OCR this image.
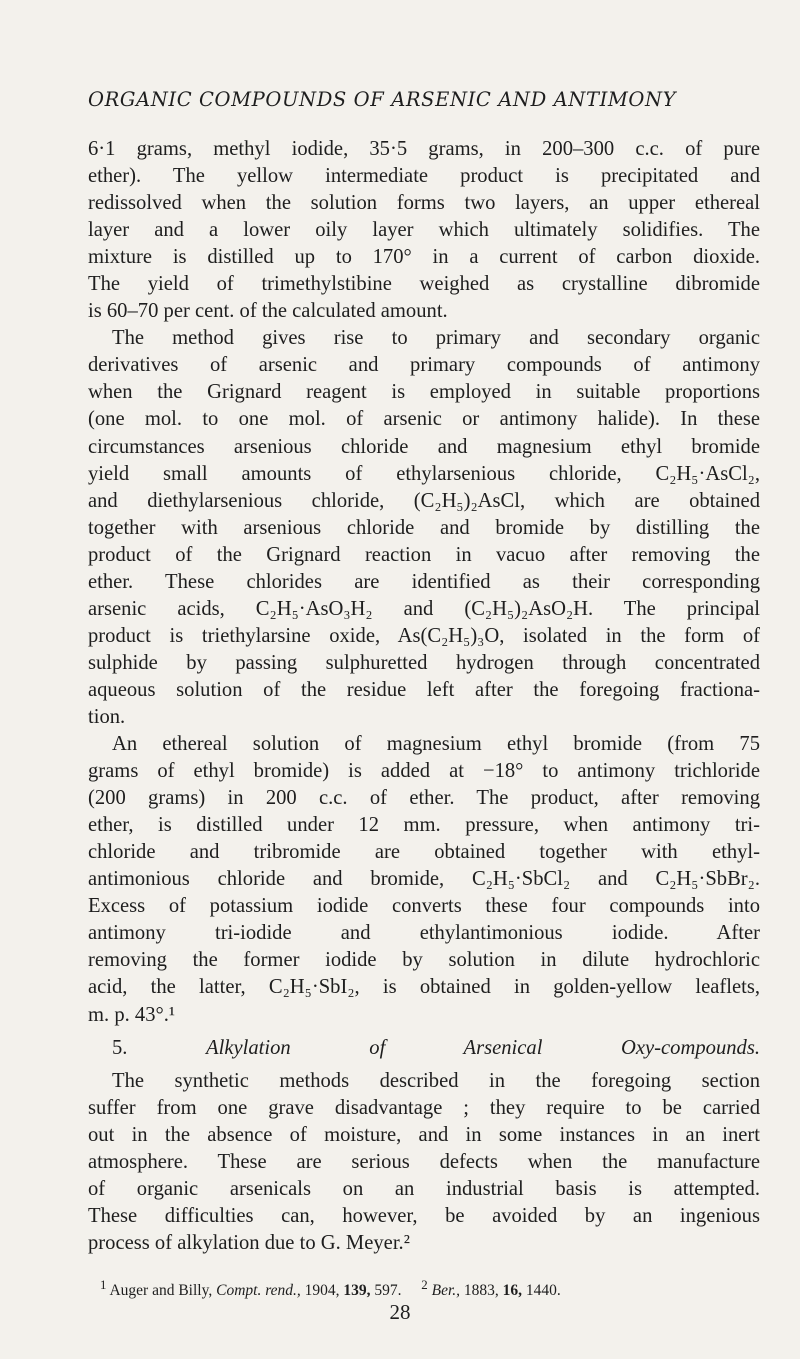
ORGANIC COMPOUNDS OF ARSENIC AND ANTIMONY
6·1 grams, methyl iodide, 35·5 grams, in 200–300 c.c. of pure
ether). The yellow intermediate product is precipitated and
redissolved when the solution forms two layers, an upper ethereal
layer and a lower oily layer which ultimately solidifies. The
mixture is distilled up to 170° in a current of carbon dioxide.
The yield of trimethylstibine weighed as crystalline dibromide
is 60–70 per cent. of the calculated amount.
The method gives rise to primary and secondary organic
derivatives of arsenic and primary compounds of antimony
when the Grignard reagent is employed in suitable proportions
(one mol. to one mol. of arsenic or antimony halide). In these
circumstances arsenious chloride and magnesium ethyl bromide
yield small amounts of ethylarsenious chloride, C₂H₅·AsCl₂,
and diethylarsenious chloride, (C₂H₅)₂AsCl, which are obtained
together with arsenious chloride and bromide by distilling the
product of the Grignard reaction in vacuo after removing the
ether. These chlorides are identified as their corresponding
arsenic acids, C₂H₅·AsO₃H₂ and (C₂H₅)₂AsO₂H. The principal
product is triethylarsine oxide, As(C₂H₅)₃O, isolated in the form of
sulphide by passing sulphuretted hydrogen through concentrated
aqueous solution of the residue left after the foregoing fractiona-
tion.
An ethereal solution of magnesium ethyl bromide (from 75
grams of ethyl bromide) is added at −18° to antimony trichloride
(200 grams) in 200 c.c. of ether. The product, after removing
ether, is distilled under 12 mm. pressure, when antimony tri-
chloride and tribromide are obtained together with ethyl-
antimonious chloride and bromide, C₂H₅·SbCl₂ and C₂H₅·SbBr₂.
Excess of potassium iodide converts these four compounds into
antimony tri-iodide and ethylantimonious iodide. After
removing the former iodide by solution in dilute hydrochloric
acid, the latter, C₂H₅·SbI₂, is obtained in golden-yellow leaflets,
m. p. 43°.¹
5.	Alkylation of Arsenical Oxy-compounds.
The synthetic methods described in the foregoing section
suffer from one grave disadvantage ; they require to be carried
out in the absence of moisture, and in some instances in an inert
atmosphere. These are serious defects when the manufacture
of organic arsenicals on an industrial basis is attempted.
These difficulties can, however, be avoided by an ingenious
process of alkylation due to G. Meyer.²
$^1$ Auger and Billy, Compt. rend., 1904, 139, 597. $^2$ Ber., 1883, 16, 1440.
28
